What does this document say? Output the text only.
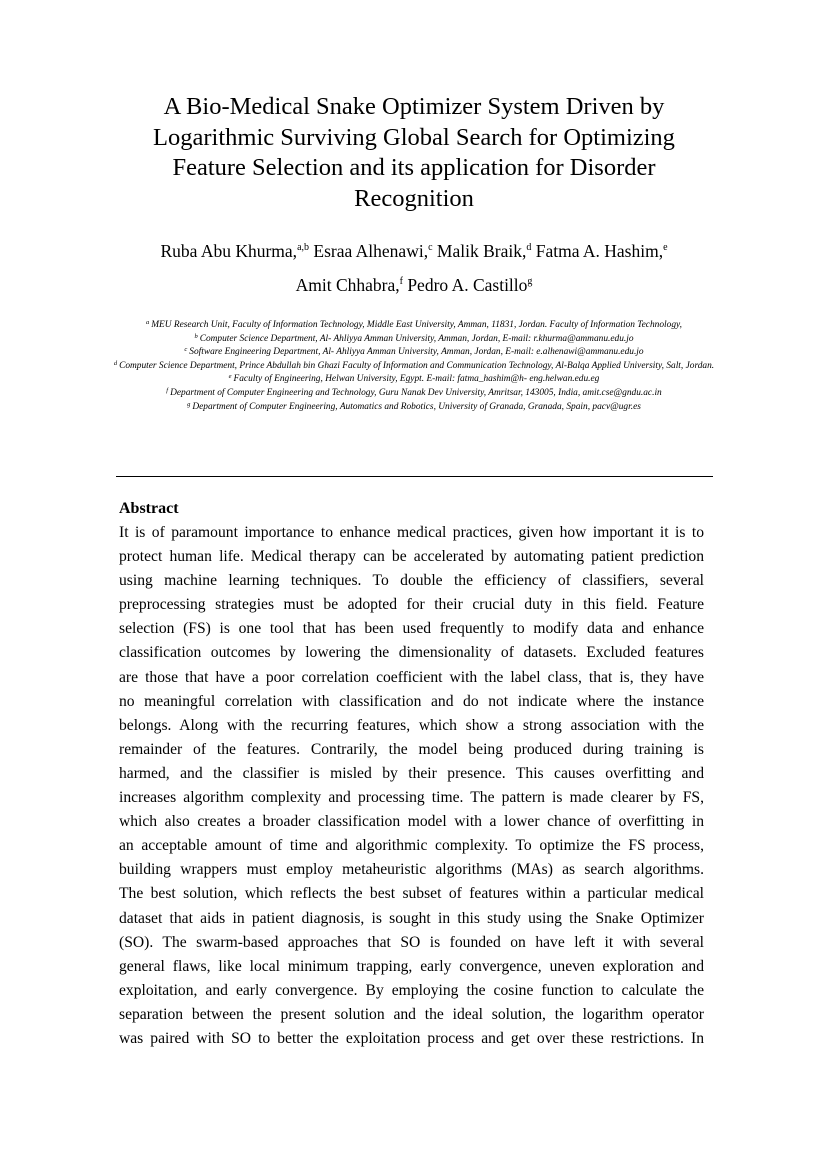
A Bio-Medical Snake Optimizer System Driven by
Logarithmic Surviving Global Search for Optimizing
Feature Selection and its application for Disorder
Recognition
Ruba Abu Khurma,$^{a,b}$ Esraa Alhenawi,$^c$ Malik Braik,$^d$ Fatma A. Hashim,$^e$
Amit Chhabra,$^f$ Pedro A. Castillo$^g$
$^a$ MEU Research Unit, Faculty of Information Technology, Middle East University, Amman, 11831, Jordan. Faculty of Information Technology,
$^b$ Computer Science Department, Al- Ahliyya Amman University, Amman, Jordan, E-mail: r.khurma@ammanu.edu.jo
$^c$ Software Engineering Department, Al- Ahliyya Amman University, Amman, Jordan, E-mail: e.alhenawi@ammanu.edu.jo
$^d$ Computer Science Department, Prince Abdullah bin Ghazi Faculty of Information and Communication Technology, Al-Balqa Applied University, Salt, Jordan.
$^e$ Faculty of Engineering, Helwan University, Egypt. E-mail: fatma_hashim@h- eng.helwan.edu.eg
$^f$ Department of Computer Engineering and Technology, Guru Nanak Dev University, Amritsar, 143005, India, amit.cse@gndu.ac.in
$^g$ Department of Computer Engineering, Automatics and Robotics, University of Granada, Granada, Spain, pacv@ugr.es
Abstract
It is of paramount importance to enhance medical practices, given how important it is to
protect human life. Medical therapy can be accelerated by automating patient prediction
using machine learning techniques. To double the efficiency of classifiers, several
preprocessing strategies must be adopted for their crucial duty in this field. Feature
selection (FS) is one tool that has been used frequently to modify data and enhance
classification outcomes by lowering the dimensionality of datasets. Excluded features
are those that have a poor correlation coefficient with the label class, that is, they have
no meaningful correlation with classification and do not indicate where the instance
belongs. Along with the recurring features, which show a strong association with the
remainder of the features. Contrarily, the model being produced during training is
harmed, and the classifier is misled by their presence. This causes overfitting and
increases algorithm complexity and processing time. The pattern is made clearer by FS,
which also creates a broader classification model with a lower chance of overfitting in
an acceptable amount of time and algorithmic complexity. To optimize the FS process,
building wrappers must employ metaheuristic algorithms (MAs) as search algorithms.
The best solution, which reflects the best subset of features within a particular medical
dataset that aids in patient diagnosis, is sought in this study using the Snake Optimizer
(SO). The swarm-based approaches that SO is founded on have left it with several
general flaws, like local minimum trapping, early convergence, uneven exploration and
exploitation, and early convergence. By employing the cosine function to calculate the
separation between the present solution and the ideal solution, the logarithm operator
was paired with SO to better the exploitation process and get over these restrictions. In
